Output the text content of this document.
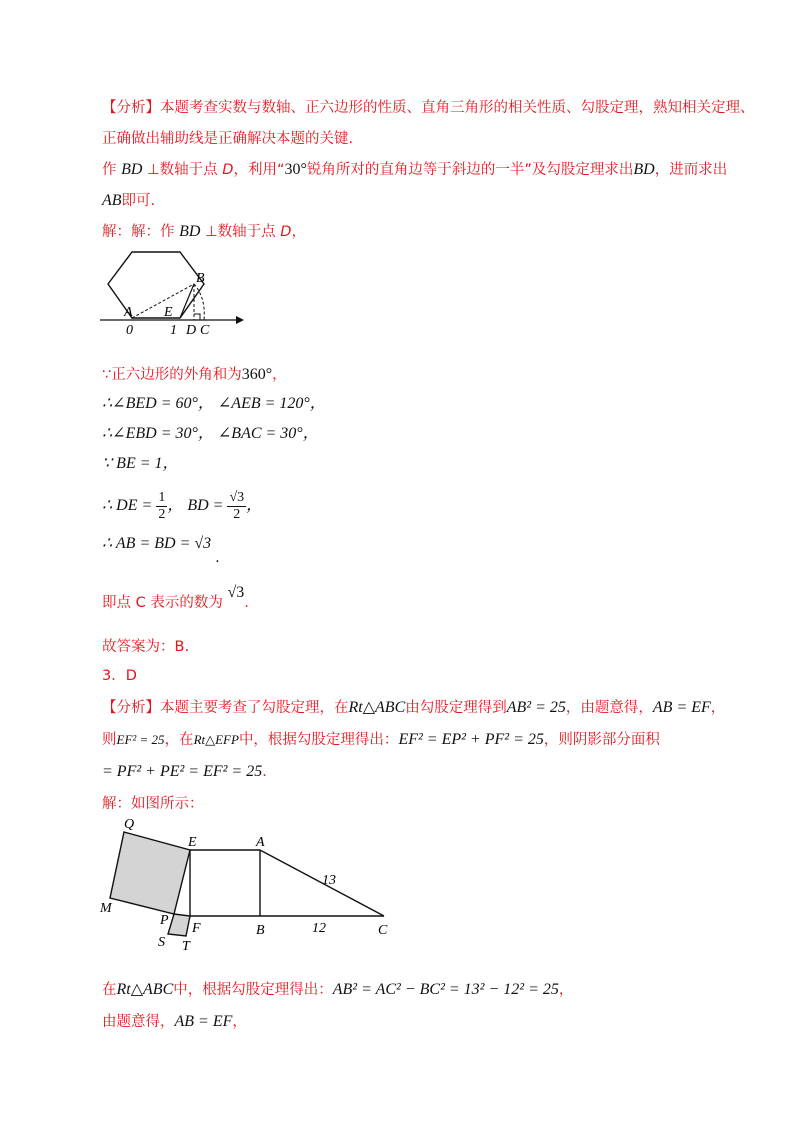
【分析】本题考查实数与数轴、正六边形的性质、直角三角形的相关性质、勾股定理，熟知相关定理、
正确做出辅助线是正确解决本题的关键.
作 BD ⊥数轴于点 D，利用“30°锐角所对的直角边等于斜边的一半”及勾股定理求出BD，进而求出
AB即可.
解：解：作 BD ⊥数轴于点 D，
B
A E
D C
0	1
∵正六边形的外角和为360°，
∴∠BED = 60°， ∠AEB = 120°，
∴∠EBD = 30°， ∠BAC = 30°，
∵ BE = 1，
∴ DE = $\frac{1}{2}$ ， BD = $\frac{√3}{2}$ ，
∴ AB = BD = √3.
即点 C 表示的数为 √3.
故答案为：B.
3．D
【分析】本题主要考查了勾股定理，在Rt△ABC由勾股定理得到AB² = 25，由题意得，AB = EF，
则EF² = 25，在Rt△EFP中，根据勾股定理得出：EF² = EP² + PF² = 25，则阴影部分面积
= PF² + PE² = EF² = 25.
解：如图所示：
Q
E	A
13
M
P
F	B	12	C
S T
在Rt△ABC中，根据勾股定理得出：AB² = AC² − BC² = 13² − 12² = 25，
由题意得，AB = EF，
